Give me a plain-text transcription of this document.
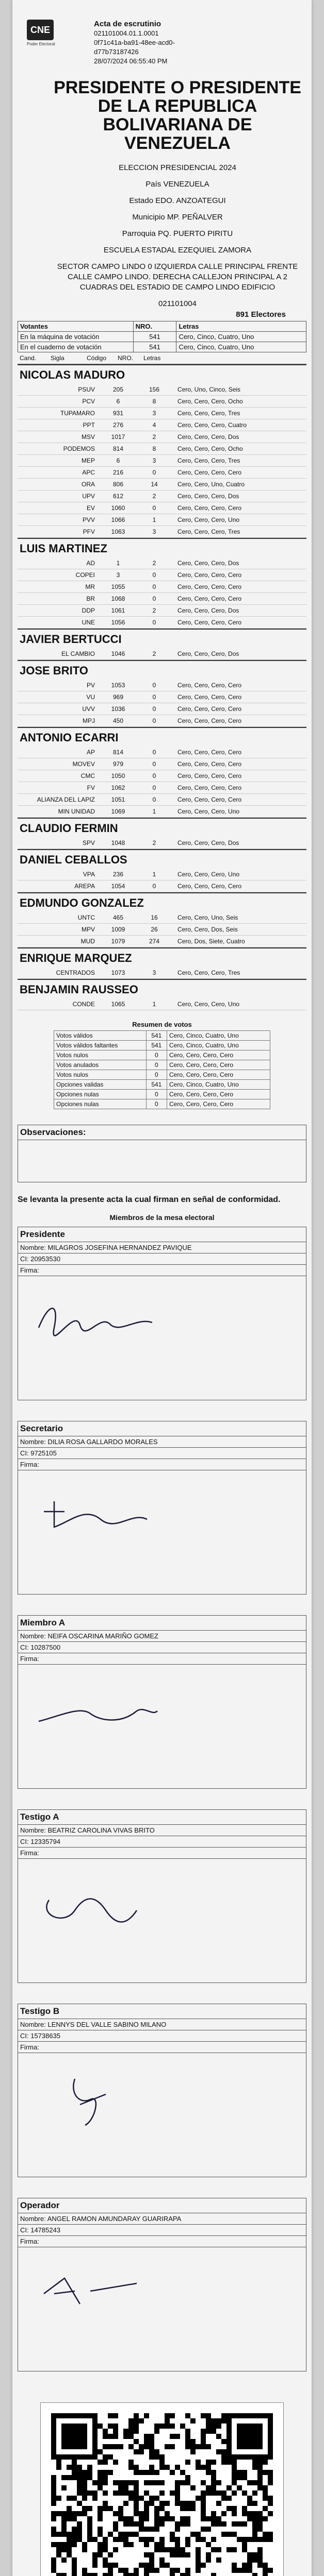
CNE
Poder Electoral
Acta de escrutinio
021101004.01.1.0001
0f71c41a-ba91-48ee-acd0-
d77b73187426
28/07/2024 06:55:40 PM
PRESIDENTE O PRESIDENTE DE LA REPUBLICA BOLIVARIANA DE VENEZUELA
ELECCION PRESIDENCIAL 2024
País VENEZUELA
Estado EDO. ANZOATEGUI
Municipio MP. PEÑALVER
Parroquia PQ. PUERTO PIRITU
ESCUELA ESTADAL EZEQUIEL ZAMORA
SECTOR CAMPO LINDO 0 IZQUIERDA CALLE PRINCIPAL FRENTE CALLE CAMPO LINDO. DERECHA CALLEJON PRINCIPAL A 2 CUADRAS DEL ESTADIO DE CAMPO LINDO EDIFICIO
021101004
891 Electores
Votantes	NRO.	Letras
En la máquina de votación	541	Cero, Cinco, Cuatro, Uno
En el cuaderno de votación	541	Cero, Cinco, Cuatro, Uno
Cand.	Sigla	Código	NRO.	Letras
NICOLAS MADURO
PSUV	205	156	Cero, Uno, Cinco, Seis
PCV	6	8	Cero, Cero, Cero, Ocho
TUPAMARO	931	3	Cero, Cero, Cero, Tres
PPT	276	4	Cero, Cero, Cero, Cuatro
MSV	1017	2	Cero, Cero, Cero, Dos
PODEMOS	814	8	Cero, Cero, Cero, Ocho
MEP	6	3	Cero, Cero, Cero, Tres
APC	216	0	Cero, Cero, Cero, Cero
ORA	806	14	Cero, Cero, Uno, Cuatro
UPV	612	2	Cero, Cero, Cero, Dos
EV	1060	0	Cero, Cero, Cero, Cero
PVV	1066	1	Cero, Cero, Cero, Uno
PFV	1063	3	Cero, Cero, Cero, Tres
LUIS MARTINEZ
AD	1	2	Cero, Cero, Cero, Dos
COPEI	3	0	Cero, Cero, Cero, Cero
MR	1055	0	Cero, Cero, Cero, Cero
BR	1068	0	Cero, Cero, Cero, Cero
DDP	1061	2	Cero, Cero, Cero, Dos
UNE	1056	0	Cero, Cero, Cero, Cero
JAVIER BERTUCCI
EL CAMBIO	1046	2	Cero, Cero, Cero, Dos
JOSE BRITO
PV	1053	0	Cero, Cero, Cero, Cero
VU	969	0	Cero, Cero, Cero, Cero
UVV	1036	0	Cero, Cero, Cero, Cero
MPJ	450	0	Cero, Cero, Cero, Cero
ANTONIO ECARRI
AP	814	0	Cero, Cero, Cero, Cero
MOVEV	979	0	Cero, Cero, Cero, Cero
CMC	1050	0	Cero, Cero, Cero, Cero
FV	1062	0	Cero, Cero, Cero, Cero
ALIANZA DEL LAPIZ	1051	0	Cero, Cero, Cero, Cero
MIN UNIDAD	1069	1	Cero, Cero, Cero, Uno
CLAUDIO FERMIN
SPV	1048	2	Cero, Cero, Cero, Dos
DANIEL CEBALLOS
VPA	236	1	Cero, Cero, Cero, Uno
AREPA	1054	0	Cero, Cero, Cero, Cero
EDMUNDO GONZALEZ
UNTC	465	16	Cero, Cero, Uno, Seis
MPV	1009	26	Cero, Cero, Dos, Seis
MUD	1079	274	Cero, Dos, Siete, Cuatro
ENRIQUE MARQUEZ
CENTRADOS	1073	3	Cero, Cero, Cero, Tres
BENJAMIN RAUSSEO
CONDE	1065	1	Cero, Cero, Cero, Uno
Resumen de votos
Votos válidos	541	Cero, Cinco, Cuatro, Uno
Votos válidos faltantes	541	Cero, Cinco, Cuatro, Uno
Votos nulos	0	Cero, Cero, Cero, Cero
Votos anulados	0	Cero, Cero, Cero, Cero
Votos nulos	0	Cero, Cero, Cero, Cero
Opciones validas	541	Cero, Cinco, Cuatro, Uno
Opciones nulas	0	Cero, Cero, Cero, Cero
Opciones nulas	0	Cero, Cero, Cero, Cero
Observaciones:
Se levanta la presente acta la cual firman en señal de conformidad.
Miembros de la mesa electoral
Presidente
Nombre: MILAGROS JOSEFINA HERNANDEZ PAVIQUE
CI: 20953530
Firma:
Secretario
Nombre: DILIA ROSA GALLARDO MORALES
CI: 9725105
Firma:
Miembro A
Nombre: NEIFA OSCARINA MARIÑO GOMEZ
CI: 10287500
Firma:
Testigo A
Nombre: BEATRIZ CAROLINA VIVAS BRITO
CI: 12335794
Firma:
Testigo B
Nombre: LENNYS DEL VALLE SABINO MILANO
CI: 15738635
Firma:
Operador
Nombre: ANGEL RAMON AMUNDARAY GUARIRAPA
CI: 14785243
Firma:
